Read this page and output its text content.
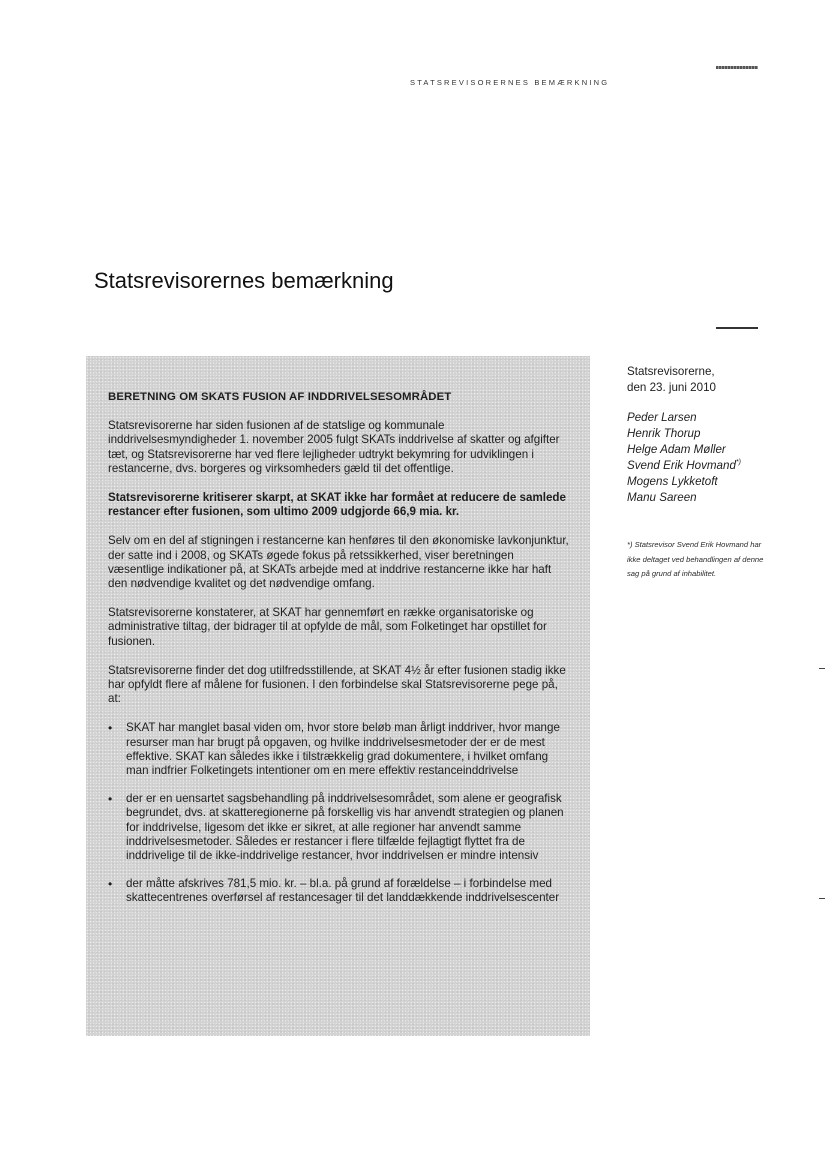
STATSREVISORERNES BEMÆRKNING
Statsrevisorernes bemærkning

BERETNING OM SKATS FUSION AF INDDRIVELSESOMRÅDET

Statsrevisorerne har siden fusionen af de statslige og kommunale inddrivelsesmyndigheder 1. november 2005 fulgt SKATs inddrivelse af skatter og afgifter tæt, og Statsrevisorerne har ved flere lejligheder udtrykt bekymring for udviklingen i restancerne, dvs. borgeres og virksomheders gæld til det offentlige.

Statsrevisorerne kritiserer skarpt, at SKAT ikke har formået at reducere de samlede restancer efter fusionen, som ultimo 2009 udgjorde 66,9 mia. kr.

Selv om en del af stigningen i restancerne kan henføres til den økonomiske lavkonjunktur, der satte ind i 2008, og SKATs øgede fokus på retssikkerhed, viser beretningen væsentlige indikationer på, at SKATs arbejde med at inddrive restancerne ikke har haft den nødvendige kvalitet og det nødvendige omfang.

Statsrevisorerne konstaterer, at SKAT har gennemført en række organisatoriske og administrative tiltag, der bidrager til at opfylde de mål, som Folketinget har opstillet for fusionen.

Statsrevisorerne finder det dog utilfredsstillende, at SKAT 4½ år efter fusionen stadig ikke har opfyldt flere af målene for fusionen. I den forbindelse skal Statsrevisorerne pege på, at:

• SKAT har manglet basal viden om, hvor store beløb man årligt inddriver, hvor mange resurser man har brugt på opgaven, og hvilke inddrivelsesmetoder der er de mest effektive. SKAT kan således ikke i tilstrækkelig grad dokumentere, i hvilket omfang man indfrier Folketingets intentioner om en mere effektiv restanceinddrivelse
• der er en uensartet sagsbehandling på inddrivelsesområdet, som alene er geografisk begrundet, dvs. at skatteregionerne på forskellig vis har anvendt strategien og planen for inddrivelse, ligesom det ikke er sikret, at alle regioner har anvendt samme inddrivelsesmetoder. Således er restancer i flere tilfælde fejlagtigt flyttet fra de inddrivelige til de ikke-inddrivelige restancer, hvor inddrivelsen er mindre intensiv
• der måtte afskrives 781,5 mio. kr. – bl.a. på grund af forældelse – i forbindelse med skattecentrenes overførsel af restancesager til det landdækkende inddrivelsescenter
Statsrevisorerne,
den 23. juni 2010
Peder Larsen
Henrik Thorup
Helge Adam Møller
Svend Erik Hovmand*)
Mogens Lykketoft
Manu Sareen
*) Statsrevisor Svend Erik Hovmand har ikke deltaget ved behandlingen af denne sag på grund af inhabilitet.
